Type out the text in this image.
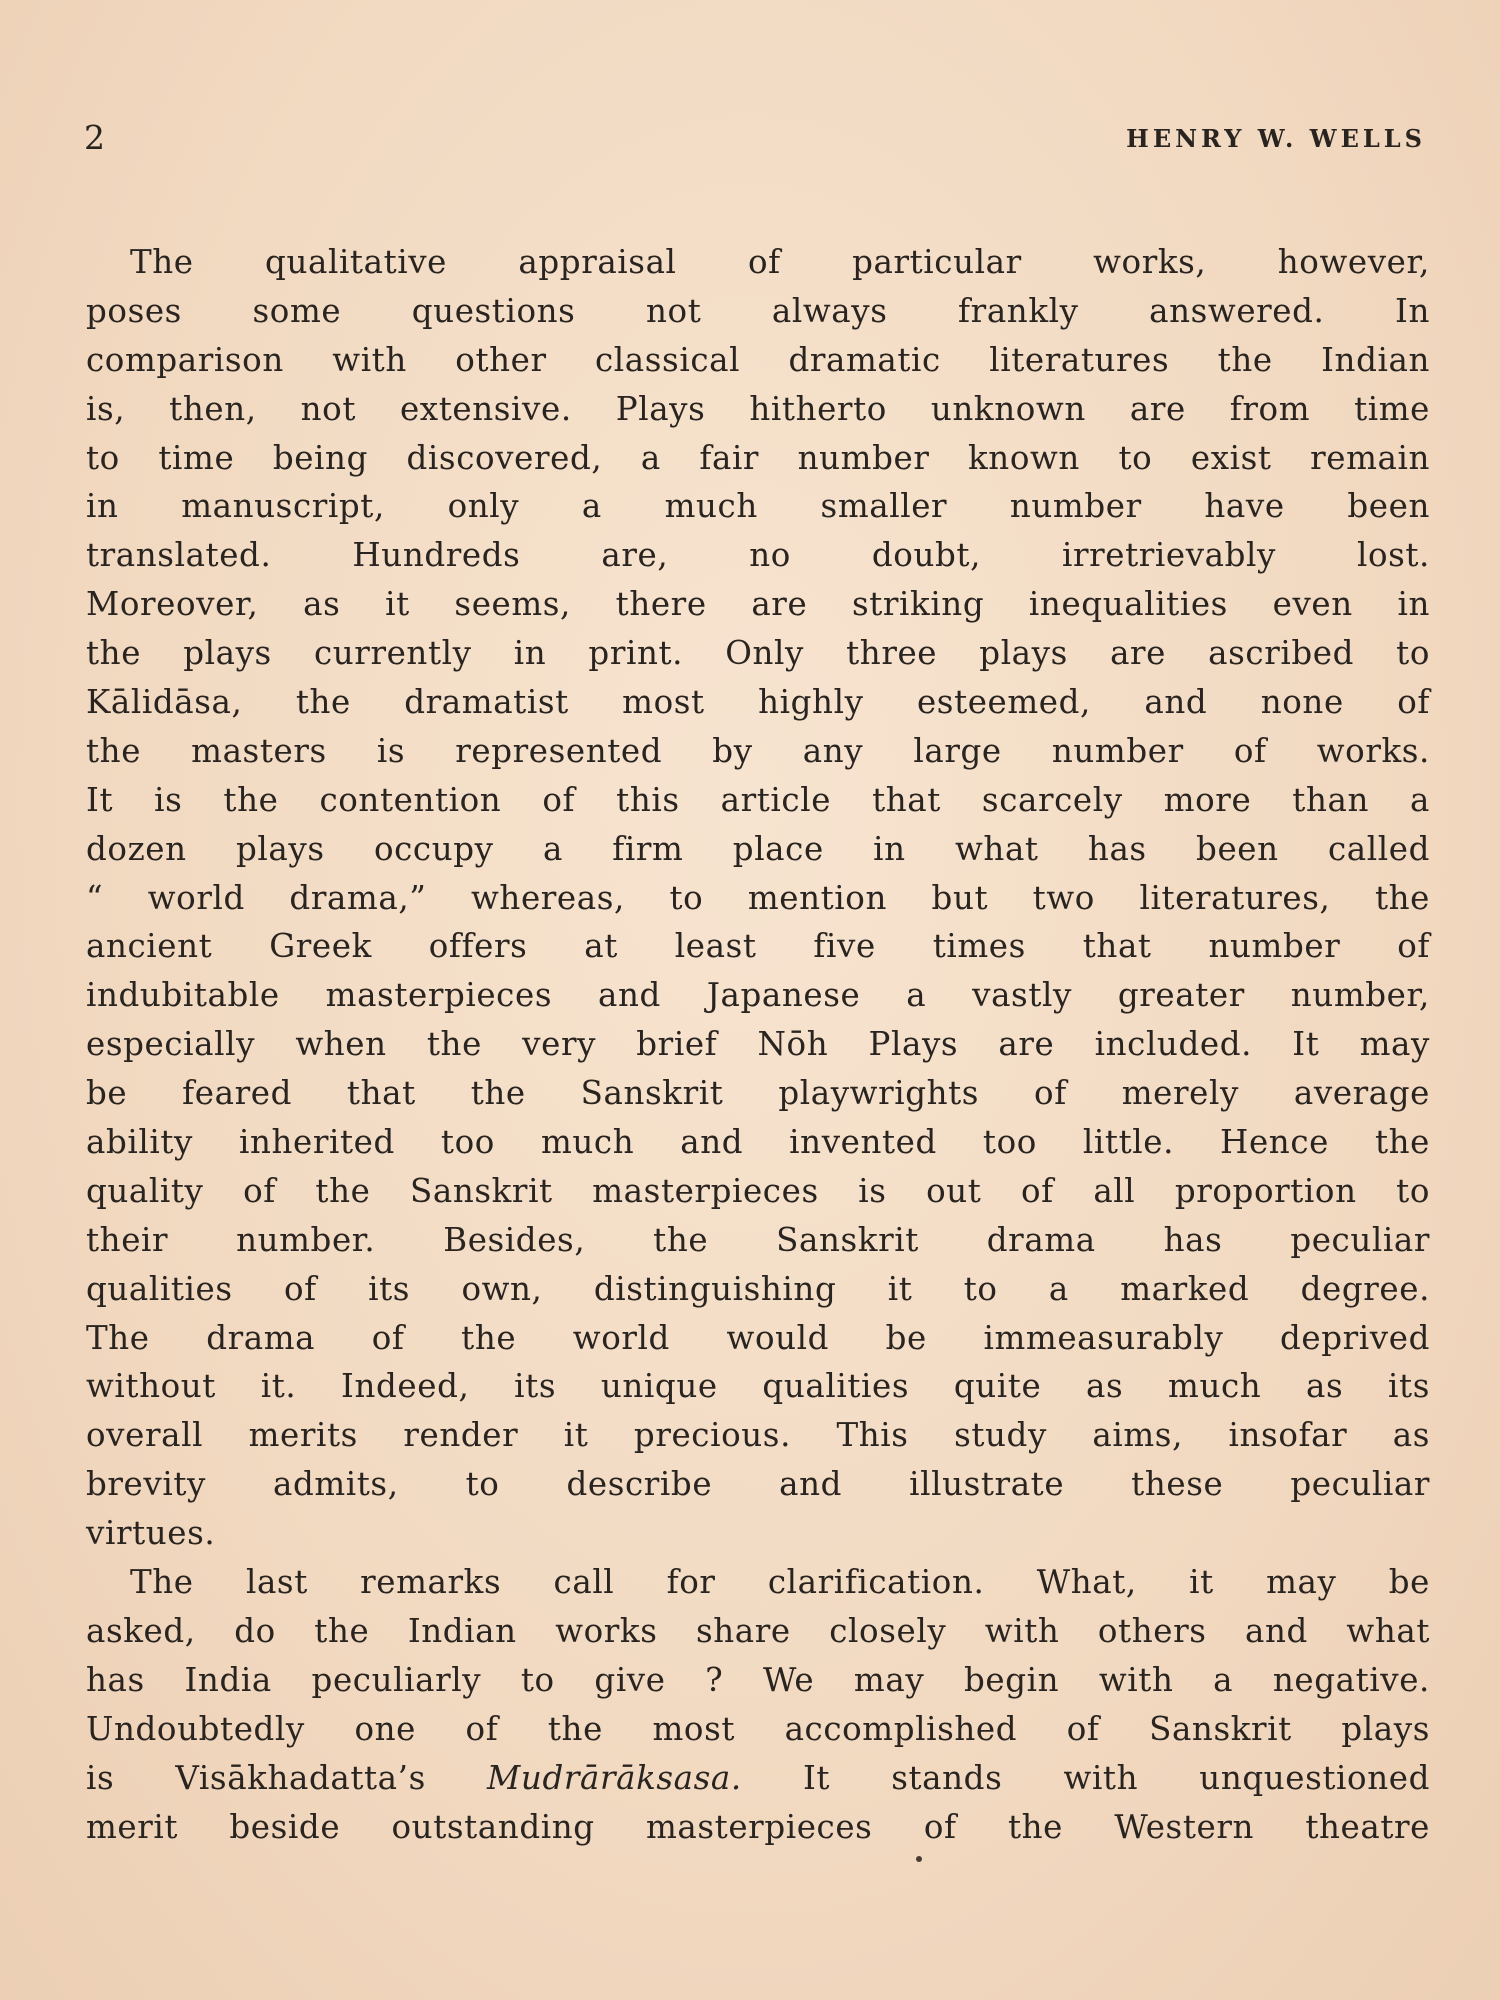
2	HENRY W. WELLS
The qualitative appraisal of particular works, however,
poses some questions not always frankly answered. In
comparison with other classical dramatic literatures the Indian
is, then, not extensive. Plays hitherto unknown are from time
to time being discovered, a fair number known to exist remain
in manuscript, only a much smaller number have been
translated. Hundreds are, no doubt, irretrievably lost.
Moreover, as it seems, there are striking inequalities even in
the plays currently in print. Only three plays are ascribed to
Kālidāsa, the dramatist most highly esteemed, and none of
the masters is represented by any large number of works.
It is the contention of this article that scarcely more than a
dozen plays occupy a firm place in what has been called
“ world drama,” whereas, to mention but two literatures, the
ancient Greek offers at least five times that number of
indubitable masterpieces and Japanese a vastly greater number,
especially when the very brief Nōh Plays are included. It may
be feared that the Sanskrit playwrights of merely average
ability inherited too much and invented too little. Hence the
quality of the Sanskrit masterpieces is out of all proportion to
their number. Besides, the Sanskrit drama has peculiar
qualities of its own, distinguishing it to a marked degree.
The drama of the world would be immeasurably deprived
without it. Indeed, its unique qualities quite as much as its
overall merits render it precious. This study aims, insofar as
brevity admits, to describe and illustrate these peculiar
virtues.
The last remarks call for clarification. What, it may be
asked, do the Indian works share closely with others and what
has India peculiarly to give ? We may begin with a negative.
Undoubtedly one of the most accomplished of Sanskrit plays
is Visākhadatta’s Mudrārāksasa. It stands with unquestioned
merit beside outstanding masterpieces of the Western theatre
